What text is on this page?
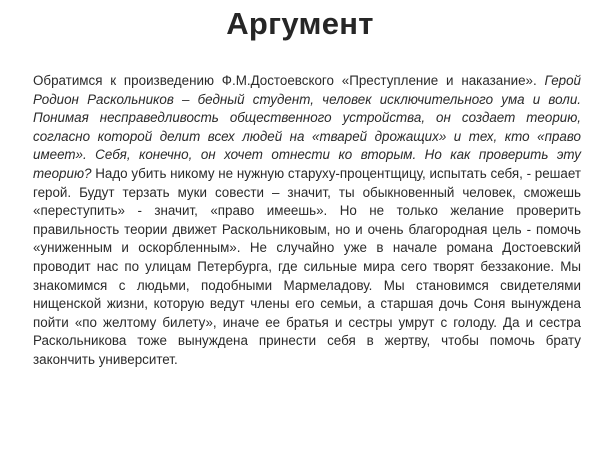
Аргумент
Обратимся к произведению Ф.М.Достоевского «Преступление и наказание». Герой Родион Раскольников – бедный студент, человек исключительного ума и воли. Понимая несправедливость общественного устройства, он создает теорию, согласно которой делит всех людей на «тварей дрожащих» и тех, кто «право имеет». Себя, конечно, он хочет отнести ко вторым. Но как проверить эту теорию? Надо убить никому не нужную старуху-процентщицу, испытать себя, - решает герой. Будут терзать муки совести – значит, ты обыкновенный человек, сможешь «переступить» - значит, «право имеешь». Но не только желание проверить правильность теории движет Раскольниковым, но и очень благородная цель - помочь «униженным и оскорбленным». Не случайно уже в начале романа Достоевский проводит нас по улицам Петербурга, где сильные мира сего творят беззаконие. Мы знакомимся с людьми, подобными Мармеладову. Мы становимся свидетелями нищенской жизни, которую ведут члены его семьи, а старшая дочь Соня вынуждена пойти «по желтому билету», иначе ее братья и сестры умрут с голоду. Да и сестра Раскольникова тоже вынуждена принести себя в жертву, чтобы помочь брату закончить университет.
